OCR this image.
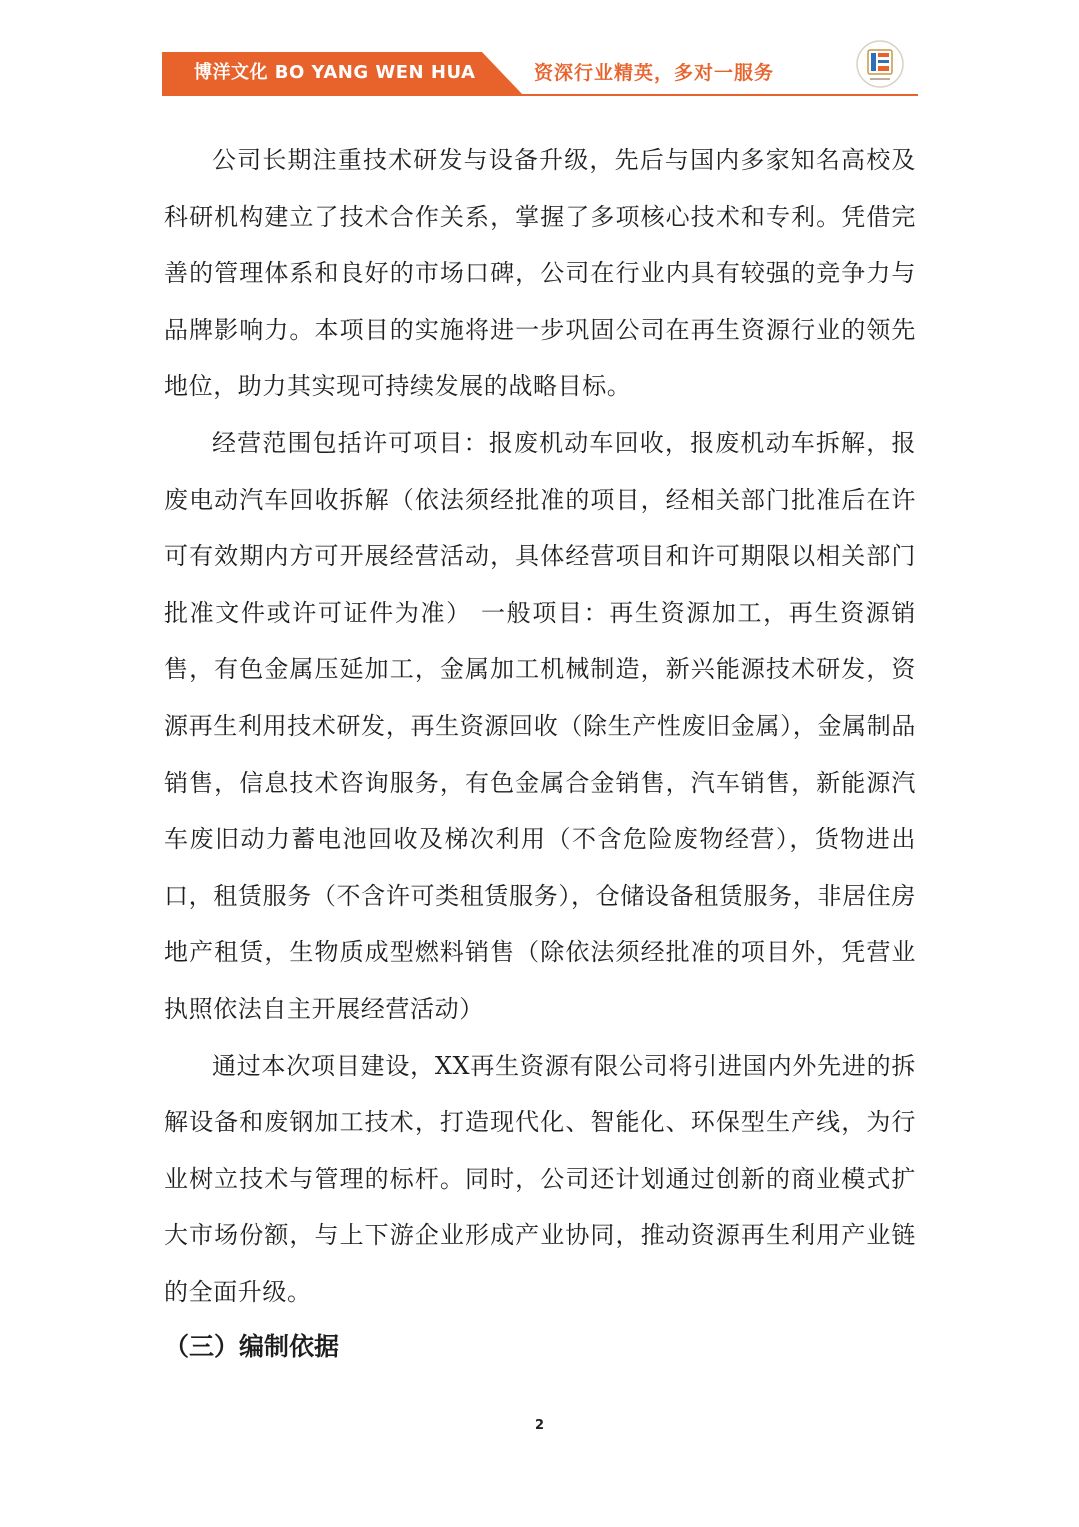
博洋文化 BO YANG WEN HUA	资深行业精英，多对一服务

公司长期注重技术研发与设备升级，先后与国内多家知名高校及科研机构建立了技术合作关系，掌握了多项核心技术和专利。凭借完善的管理体系和良好的市场口碑，公司在行业内具有较强的竞争力与品牌影响力。本项目的实施将进一步巩固公司在再生资源行业的领先地位，助力其实现可持续发展的战略目标。

经营范围包括许可项目：报废机动车回收，报废机动车拆解，报废电动汽车回收拆解（依法须经批准的项目，经相关部门批准后在许可有效期内方可开展经营活动，具体经营项目和许可期限以相关部门批准文件或许可证件为准） 一般项目：再生资源加工，再生资源销售，有色金属压延加工，金属加工机械制造，新兴能源技术研发，资源再生利用技术研发，再生资源回收（除生产性废旧金属），金属制品销售，信息技术咨询服务，有色金属合金销售，汽车销售，新能源汽车废旧动力蓄电池回收及梯次利用（不含危险废物经营），货物进出口，租赁服务（不含许可类租赁服务），仓储设备租赁服务，非居住房地产租赁，生物质成型燃料销售（除依法须经批准的项目外，凭营业执照依法自主开展经营活动）

通过本次项目建设，XX再生资源有限公司将引进国内外先进的拆解设备和废钢加工技术，打造现代化、智能化、环保型生产线，为行业树立技术与管理的标杆。同时，公司还计划通过创新的商业模式扩大市场份额，与上下游企业形成产业协同，推动资源再生利用产业链的全面升级。

（三）编制依据
2
